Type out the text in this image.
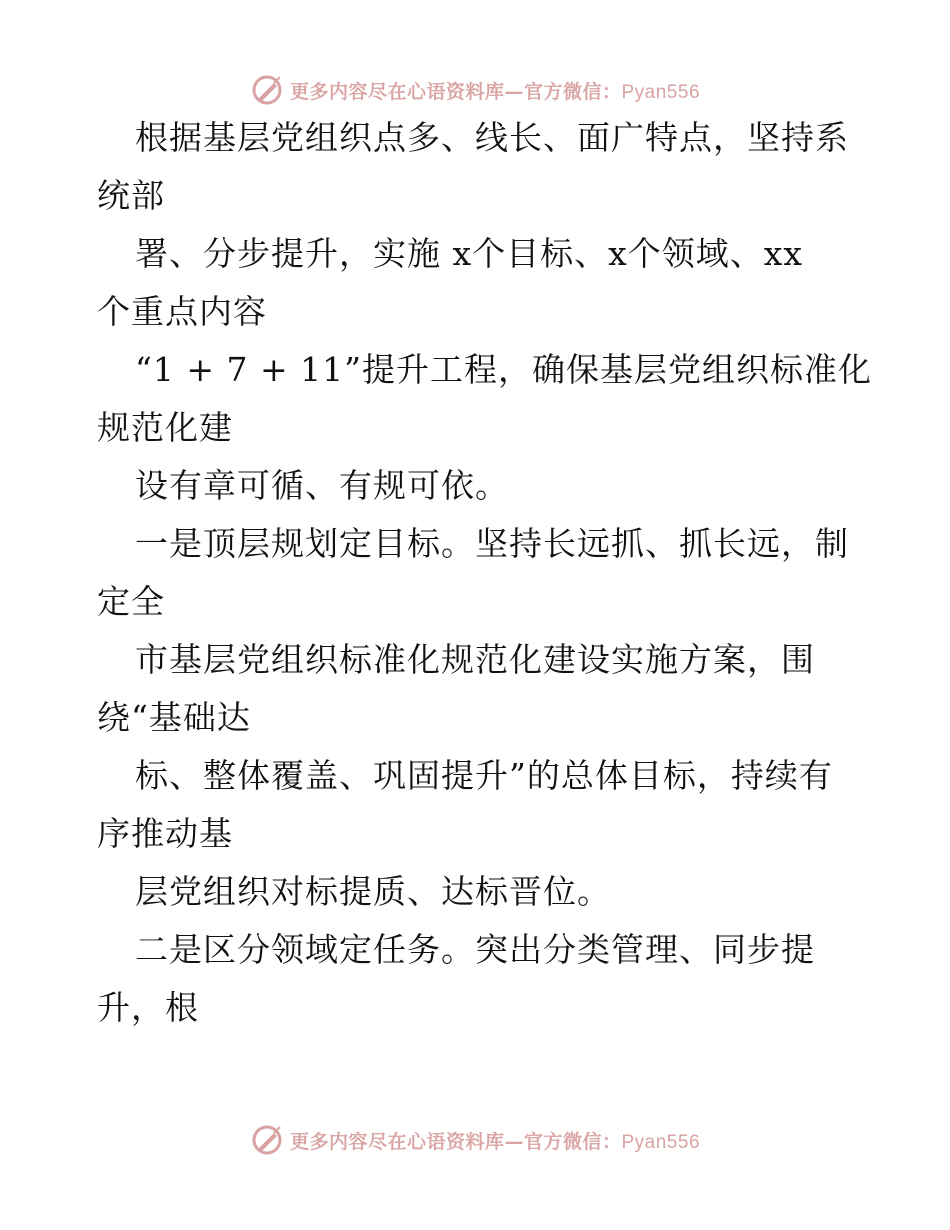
更多内容尽在心语资料库—官方微信：Pyan556
根据基层党组织点多、线长、面广特点，坚持系
统部
署、分步提升，实施 x个目标、x个领域、xx
个重点内容
“1 + 7 + 11”提升工程，确保基层党组织标准化
规范化建
设有章可循、有规可依。
一是顶层规划定目标。坚持长远抓、抓长远，制
定全
市基层党组织标准化规范化建设实施方案，围
绕“基础达
标、整体覆盖、巩固提升”的总体目标，持续有
序推动基
层党组织对标提质、达标晋位。
二是区分领域定任务。突出分类管理、同步提
升，根
更多内容尽在心语资料库—官方微信：Pyan556
